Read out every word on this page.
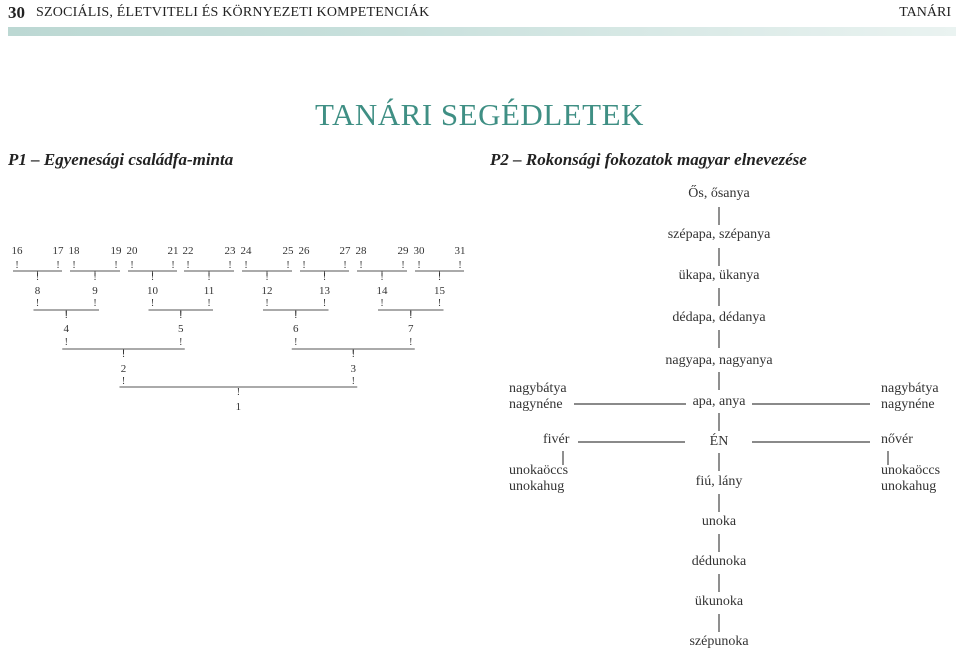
30 SZOCIÁLIS, ÉLETVITELI ÉS KÖRNYEZETI KOMPETENCIÁK	TANÁRI
TANÁRI SEGÉDLETEK
P1 – Egyenesági családfa-minta	P2 – Rokonsági fokozatok magyar elnevezése
Ős, ősanya
szépapa, szépanya
ükapa, ükanya
dédapa, dédanya
nagyapa, nagyanya
apa, anya
ÉN
fiú, lány
unoka
dédunoka
ükunoka
szépunoka
nagybátya
nagynéne
fivér
unokaöccs
unokahug
nagybátya
nagynéne
nővér
unokaöccs
unokahug
16
!
17
!
18
!
19
!
20
!
21
!
22
!
23
!
24
!
25
!
26
!
27
!
28
!
29
!
30
!
31
!
!
8
!
!
9
!
!
10
!
!
11
!
!
12
!
!
13
!
!
14
!
!
15
!
!
4
!
!
5
!
!
6
!
!
7
!
!
2
!
!
3
!
!
1
